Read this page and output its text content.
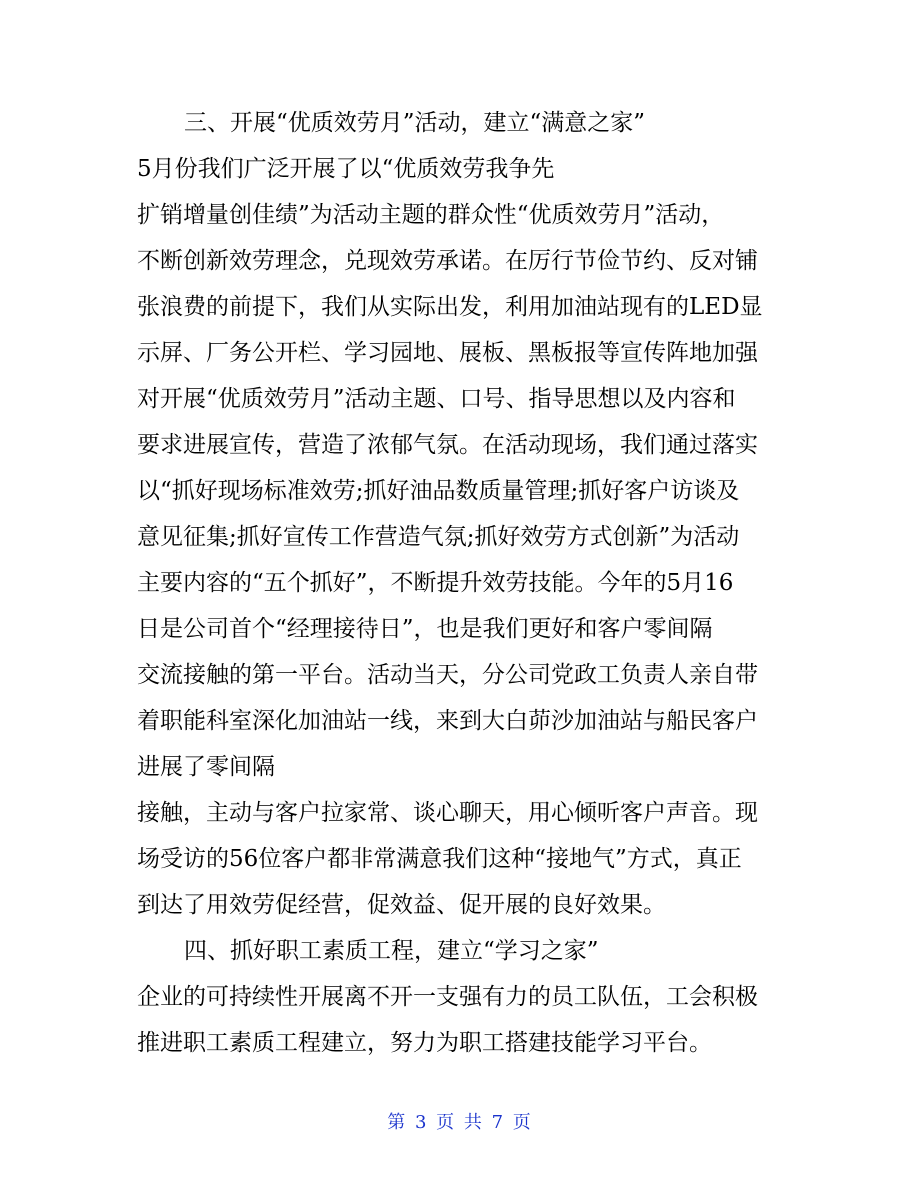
三、开展“优质效劳月”活动，建立“满意之家”
5月份我们广泛开展了以“优质效劳我争先
扩销增量创佳绩”为活动主题的群众性“优质效劳月”活动，
不断创新效劳理念，兑现效劳承诺。在厉行节俭节约、反对铺
张浪费的前提下，我们从实际出发，利用加油站现有的LED显
示屏、厂务公开栏、学习园地、展板、黑板报等宣传阵地加强
对开展“优质效劳月”活动主题、口号、指导思想以及内容和
要求进展宣传，营造了浓郁气氛。在活动现场，我们通过落实
以“抓好现场标准效劳;抓好油品数质量管理;抓好客户访谈及
意见征集;抓好宣传工作营造气氛;抓好效劳方式创新”为活动
主要内容的“五个抓好”，不断提升效劳技能。今年的5月16
日是公司首个“经理接待日”，也是我们更好和客户零间隔
交流接触的第一平台。活动当天，分公司党政工负责人亲自带
着职能科室深化加油站一线，来到大白茆沙加油站与船民客户
进展了零间隔
接触，主动与客户拉家常、谈心聊天，用心倾听客户声音。现
场受访的56位客户都非常满意我们这种“接地气”方式，真正
到达了用效劳促经营，促效益、促开展的良好效果。
四、抓好职工素质工程，建立“学习之家”
企业的可持续性开展离不开一支强有力的员工队伍，工会积极
推进职工素质工程建立，努力为职工搭建技能学习平台。
第 3 页 共 7 页
